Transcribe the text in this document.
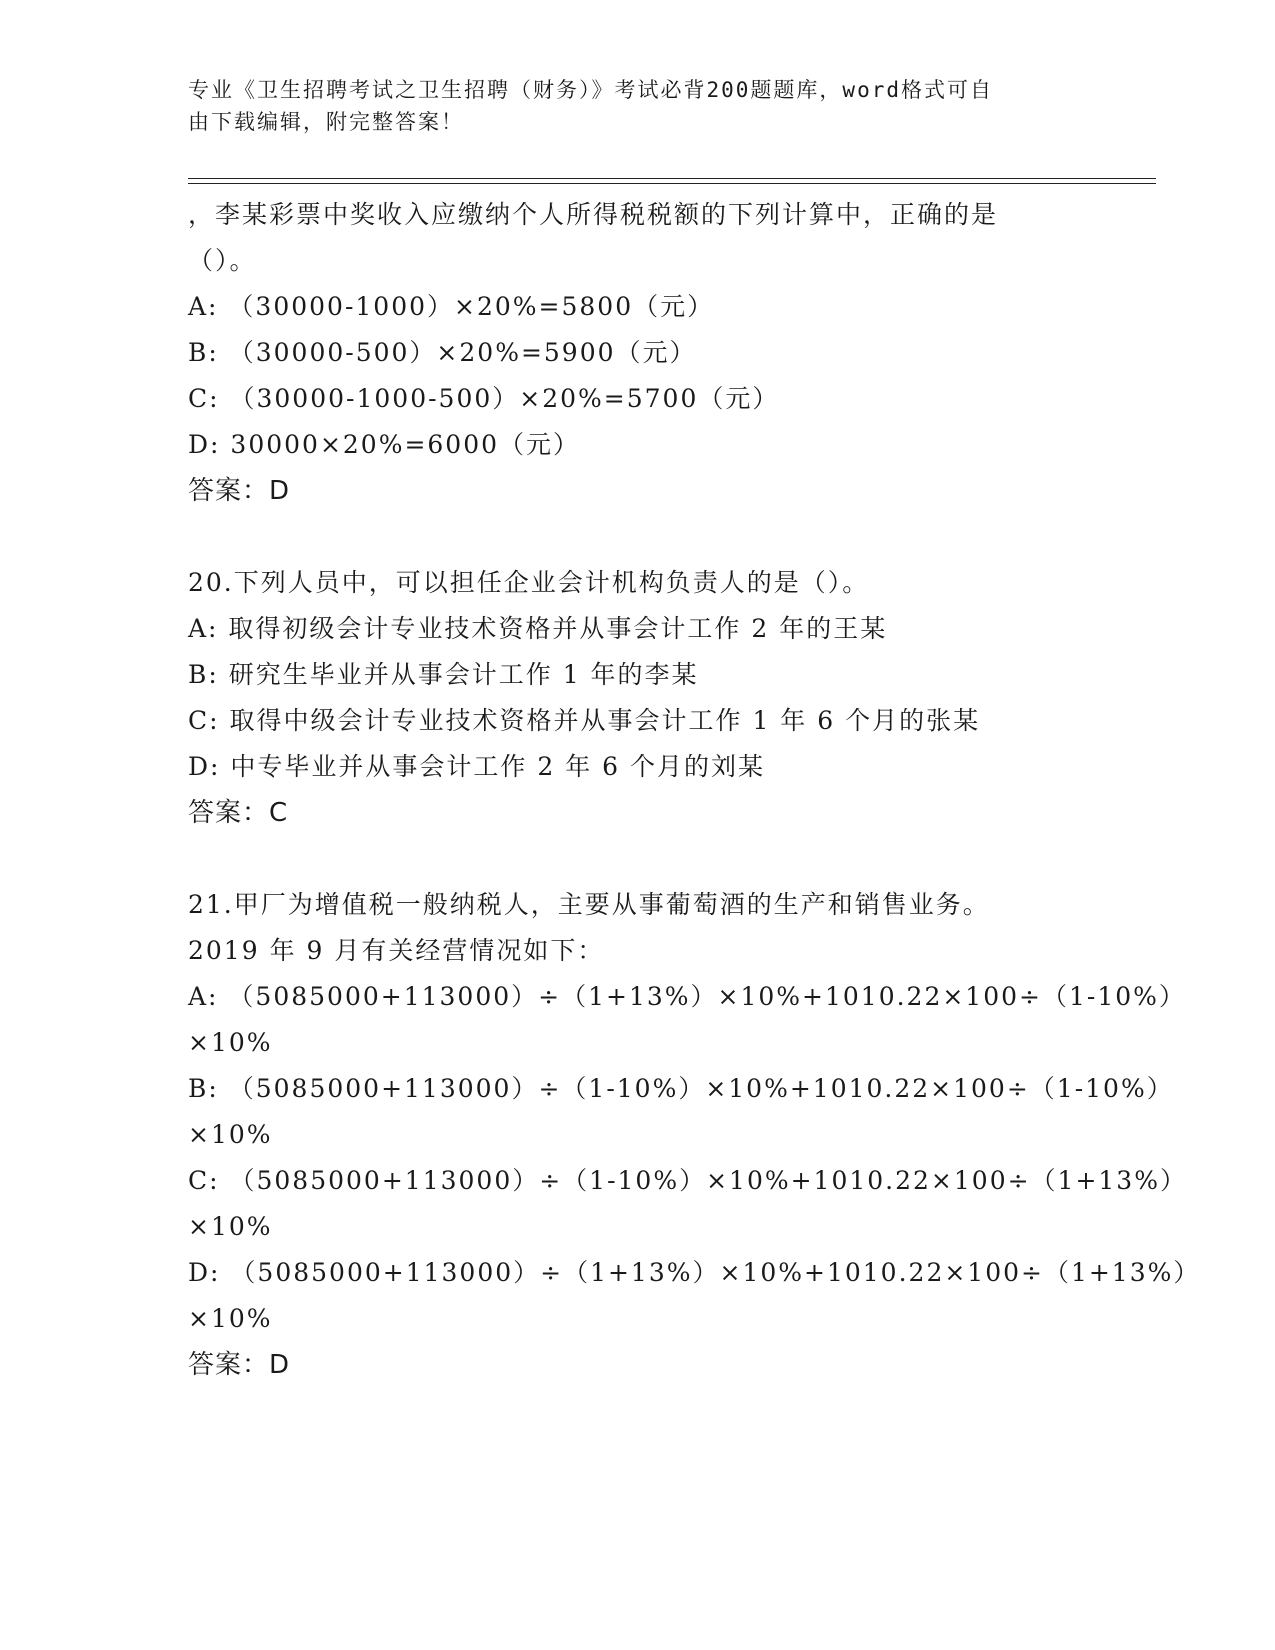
专业《卫生招聘考试之卫生招聘（财务）》考试必背200题题库，word格式可自
由下载编辑，附完整答案！
，李某彩票中奖收入应缴纳个人所得税税额的下列计算中，正确的是
（）。
A: （30000-1000）×20%=5800（元）
B: （30000-500）×20%=5900（元）
C: （30000-1000-500）×20%=5700（元）
D: 30000×20%=6000（元）
答案：D
20.下列人员中，可以担任企业会计机构负责人的是（）。
A: 取得初级会计专业技术资格并从事会计工作 2 年的王某
B: 研究生毕业并从事会计工作 1 年的李某
C: 取得中级会计专业技术资格并从事会计工作 1 年 6 个月的张某
D: 中专毕业并从事会计工作 2 年 6 个月的刘某
答案：C
21.甲厂为增值税一般纳税人，主要从事葡萄酒的生产和销售业务。
2019 年 9 月有关经营情况如下：
A: （5085000+113000）÷（1+13%）×10%+1010.22×100÷（1-10%）
×10%
B: （5085000+113000）÷（1-10%）×10%+1010.22×100÷（1-10%）
×10%
C: （5085000+113000）÷（1-10%）×10%+1010.22×100÷（1+13%）
×10%
D: （5085000+113000）÷（1+13%）×10%+1010.22×100÷（1+13%）
×10%
答案：D
